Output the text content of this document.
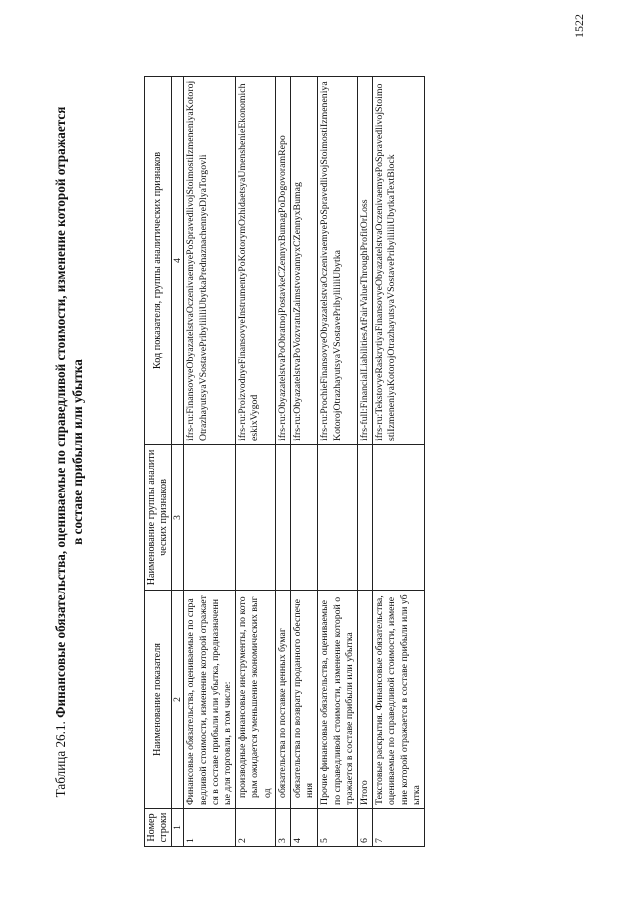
Таблица 26.1. Финансовые обязательства, оцениваемые по справедливой стоимости, изменение которой отражается в составе прибыли или убытка
Номер строки	Наименование показателя	Наименование группы аналитических признаков	Код показателя, группы аналитических признаков
1	2	3	4
1	Финансовые обязательства, оцениваемые по справедливой стоимости, изменение которой отражается в составе прибыли или убытка, предназначенные для торговли, в том числе:		ifrs-ru:FinansovyeObyazatelstvaOczenivaemyePoSpravedlivojStoimostiIzmeneniyaKotorojOtrazhayutsyaVSostavePribylililiUbytkaPrednaznachennyeDlyaTorgovli
2	производные финансовые инструменты, по которым ожидается уменьшение экономических выгод		ifrs-ru:ProizvodnyeFinansovyeInstrumentyPoKotorymOzhidaetsyaUmenshenieEkonomicheskixVygod
3	обязательства по поставке ценных бумаг		ifrs-ru:ObyazatelstvaPoObratnojPostavkeCZennyxBumagPoDogovoramRepo
4	обязательства по возврату проданного обеспечения		ifrs-ru:ObyazatelstvaPoVozvratuZaimstvovannyxCZennyxBumag
5	Прочие финансовые обязательства, оцениваемые по справедливой стоимости, изменение которой отражается в составе прибыли или убытка		ifrs-ru:ProchieFinansovyeObyazatelstvaOczenivaemyePoSpravedlivojStoimostiIzmeneniyaKotorojOtrazhayutsyaVSostavePribylililiUbytka
6	Итого		ifrs-full:FinancialLiabilitiesAtFairValueThroughProfitOrLoss
7	Текстовые раскрытия. Финансовые обязательства, оцениваемые по справедливой стоимости, изменение которой отражается в составе прибыли или убытка		ifrs-ru:TekstovyeRaskrytiyaFinansovyeObyazatelstvaOczenivaemyePoSpravedlivojStoimostiIzmeneniyaKotorojOtrazhayutsyaVSostavePribylililiUbytkaTextBlock
1522
